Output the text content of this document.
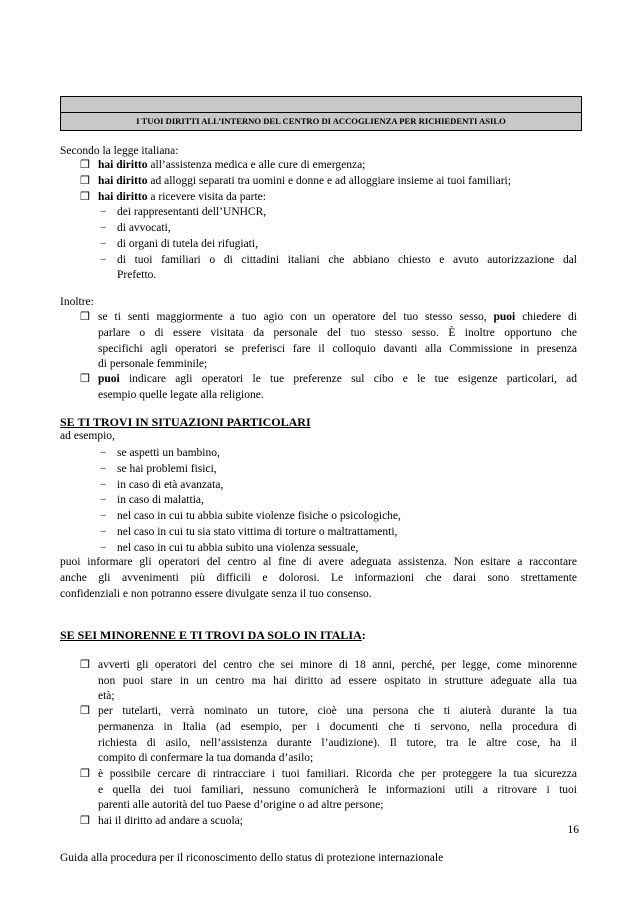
I TUOI DIRITTI ALL’INTERNO DEL CENTRO DI ACCOGLIENZA PER RICHIEDENTI ASILO

Secondo la legge italiana:

❒ hai diritto all’assistenza medica e alle cure di emergenza;

❒ hai diritto ad alloggi separati tra uomini e donne e ad alloggiare insieme ai tuoi familiari;

❒ hai diritto a ricevere visita da parte:

− dei rappresentanti dell’UNHCR,

− di avvocati,

− di organi di tutela dei rifugiati,

− di tuoi familiari o di cittadini italiani che abbiano chiesto e avuto autorizzazione dal

Prefetto.

Inoltre:

❒ se ti senti maggiormente a tuo agio con un operatore del tuo stesso sesso, puoi chiedere di

parlare o di essere visitata da personale del tuo stesso sesso. È inoltre opportuno che

specifichi agli operatori se preferisci fare il colloquio davanti alla Commissione in presenza

di personale femminile;

❒ puoi indicare agli operatori le tue preferenze sul cibo e le tue esigenze particolari, ad

esempio quelle legate alla religione.

SE TI TROVI IN SITUAZIONI PARTICOLARI

ad esempio,

− se aspetti un bambino,

− se hai problemi fisici,

− in caso di età avanzata,

− in caso di malattia,

− nel caso in cui tu abbia subite violenze fisiche o psicologiche,

− nel caso in cui tu sia stato vittima di torture o maltrattamenti,

− nel caso in cui tu abbia subito una violenza sessuale,

puoi informare gli operatori del centro al fine di avere adeguata assistenza. Non esitare a raccontare

anche gli avvenimenti più difficili e dolorosi. Le informazioni che darai sono strettamente

confidenziali e non potranno essere divulgate senza il tuo consenso.

SE SEI MINORENNE E TI TROVI DA SOLO IN ITALIA:

❒ avverti gli operatori del centro che sei minore di 18 anni, perché, per legge, come minorenne

non puoi stare in un centro ma hai diritto ad essere ospitato in strutture adeguate alla tua

età;

❒ per tutelarti, verrà nominato un tutore, cioè una persona che ti aiuterà durante la tua

permanenza in Italia (ad esempio, per i documenti che ti servono, nella procedura di

richiesta di asilo, nell’assistenza durante l’audizione). Il tutore, tra le altre cose, ha il

compito di confermare la tua domanda d’asilo;

❒ è possibile cercare di rintracciare i tuoi familiari. Ricorda che per proteggere la tua sicurezza

e quella dei tuoi familiari, nessuno comunicherà le informazioni utili a ritrovare i tuoi

parenti alle autorità del tuo Paese d’origine o ad altre persone;

❒ hai il diritto ad andare a scuola;

16

Guida alla procedura per il riconoscimento dello status di protezione internazionale
